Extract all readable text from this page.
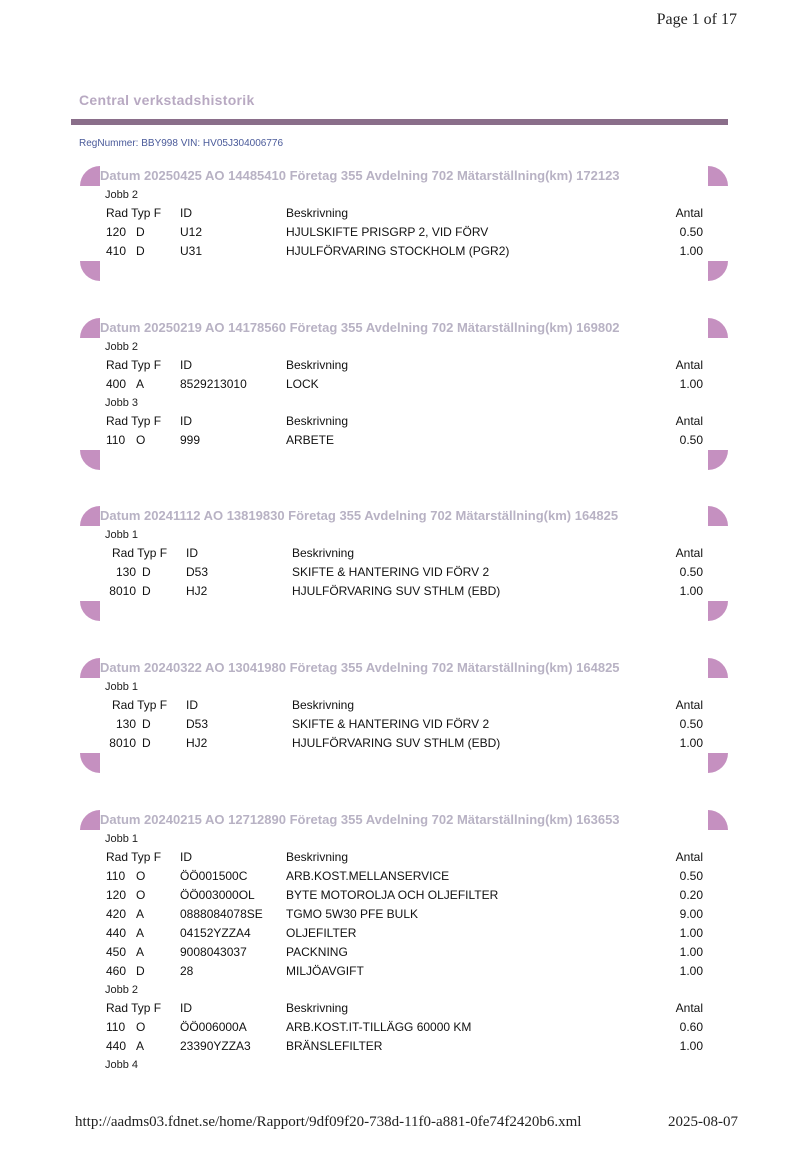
Page 1 of 17
Central verkstadshistorik
RegNummer: BBY998 VIN: HV05J304006776
Datum 20250425 AO 14485410 Företag 355 Avdelning 702 Mätarställning(km) 172123
Jobb 2
Rad Typ F ID	Beskrivning	Antal
120 D	U12	HJULSKIFTE PRISGRP 2, VID FÖRV	0.50
410 D	U31	HJULFÖRVARING STOCKHOLM (PGR2)	1.00
Datum 20250219 AO 14178560 Företag 355 Avdelning 702 Mätarställning(km) 169802
Jobb 2
Rad Typ F ID	Beskrivning	Antal
400 A	8529213010	LOCK	1.00
Jobb 3
Rad Typ F ID	Beskrivning	Antal
110 O	999	ARBETE	0.50
Datum 20241112 AO 13819830 Företag 355 Avdelning 702 Mätarställning(km) 164825
Jobb 1
Rad Typ F ID	Beskrivning	Antal
130 D	D53	SKIFTE & HANTERING VID FÖRV 2	0.50
8010 D	HJ2	HJULFÖRVARING SUV STHLM (EBD)	1.00
Datum 20240322 AO 13041980 Företag 355 Avdelning 702 Mätarställning(km) 164825
Jobb 1
Rad Typ F ID	Beskrivning	Antal
130 D	D53	SKIFTE & HANTERING VID FÖRV 2	0.50
8010 D	HJ2	HJULFÖRVARING SUV STHLM (EBD)	1.00
Datum 20240215 AO 12712890 Företag 355 Avdelning 702 Mätarställning(km) 163653
Jobb 1
Rad Typ F ID	Beskrivning	Antal
110 O	ÖÖ001500C	ARB.KOST.MELLANSERVICE	0.50
120 O	ÖÖ003000OL	BYTE MOTOROLJA OCH OLJEFILTER	0.20
420 A	0888084078SE TGMO 5W30 PFE BULK	9.00
440 A	04152YZZA4	OLJEFILTER	1.00
450 A	9008043037	PACKNING	1.00
460 D	28	MILJÖAVGIFT	1.00
Jobb 2
Rad Typ F ID	Beskrivning	Antal
110 O	ÖÖ006000A	ARB.KOST.IT-TILLÄGG 60000 KM	0.60
440 A	23390YZZA3	BRÄNSLEFILTER	1.00
Jobb 4
http://aadms03.fdnet.se/home/Rapport/9df09f20-738d-11f0-a881-0fe74f2420b6.xml	2025-08-07
